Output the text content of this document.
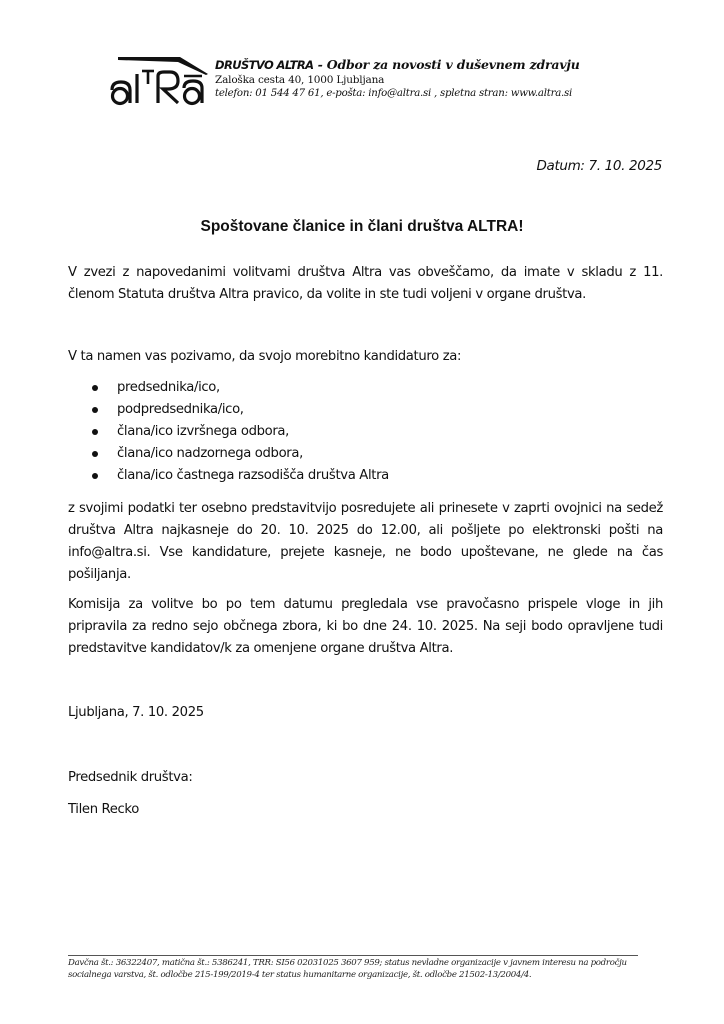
DRUŠTVO ALTRA - Odbor za novosti v duševnem zdravju
Zaloška cesta 40, 1000 Ljubljana
telefon: 01 544 47 61, e-pošta: info@altra.si , spletna stran: www.altra.si
Datum: 7. 10. 2025
Spoštovane članice in člani društva ALTRA!

V zvezi z napovedanimi volitvami društva Altra vas obveščamo, da imate v skladu z 11. členom Statuta društva Altra pravico, da volite in ste tudi voljeni v organe društva.

V ta namen vas pozivamo, da svojo morebitno kandidaturo za:

predsednika/ico,
podpredsednika/ico,
člana/ico izvršnega odbora,
člana/ico nadzornega odbora,
člana/ico častnega razsodišča društva Altra

z svojimi podatki ter osebno predstavitvijo posredujete ali prinesete v zaprti ovojnici na sedež društva Altra najkasneje do 20. 10. 2025 do 12.00, ali pošljete po elektronski pošti na info@altra.si. Vse kandidature, prejete kasneje, ne bodo upoštevane, ne glede na čas pošiljanja.

Komisija za volitve bo po tem datumu pregledala vse pravočasno prispele vloge in jih pripravila za redno sejo občnega zbora, ki bo dne 24. 10. 2025. Na seji bodo opravljene tudi predstavitve kandidatov/k za omenjene organe društva Altra.

Ljubljana, 7. 10. 2025
Predsednik društva:
Tilen Recko
Davčna št.: 36322407, matična št.: 5386241, TRR: SI56 02031025 3607 959; status nevladne organizacije v javnem interesu na področju
socialnega varstva, št. odločbe 215-199/2019-4 ter status humanitarne organizacije, št. odločbe 21502-13/2004/4.
